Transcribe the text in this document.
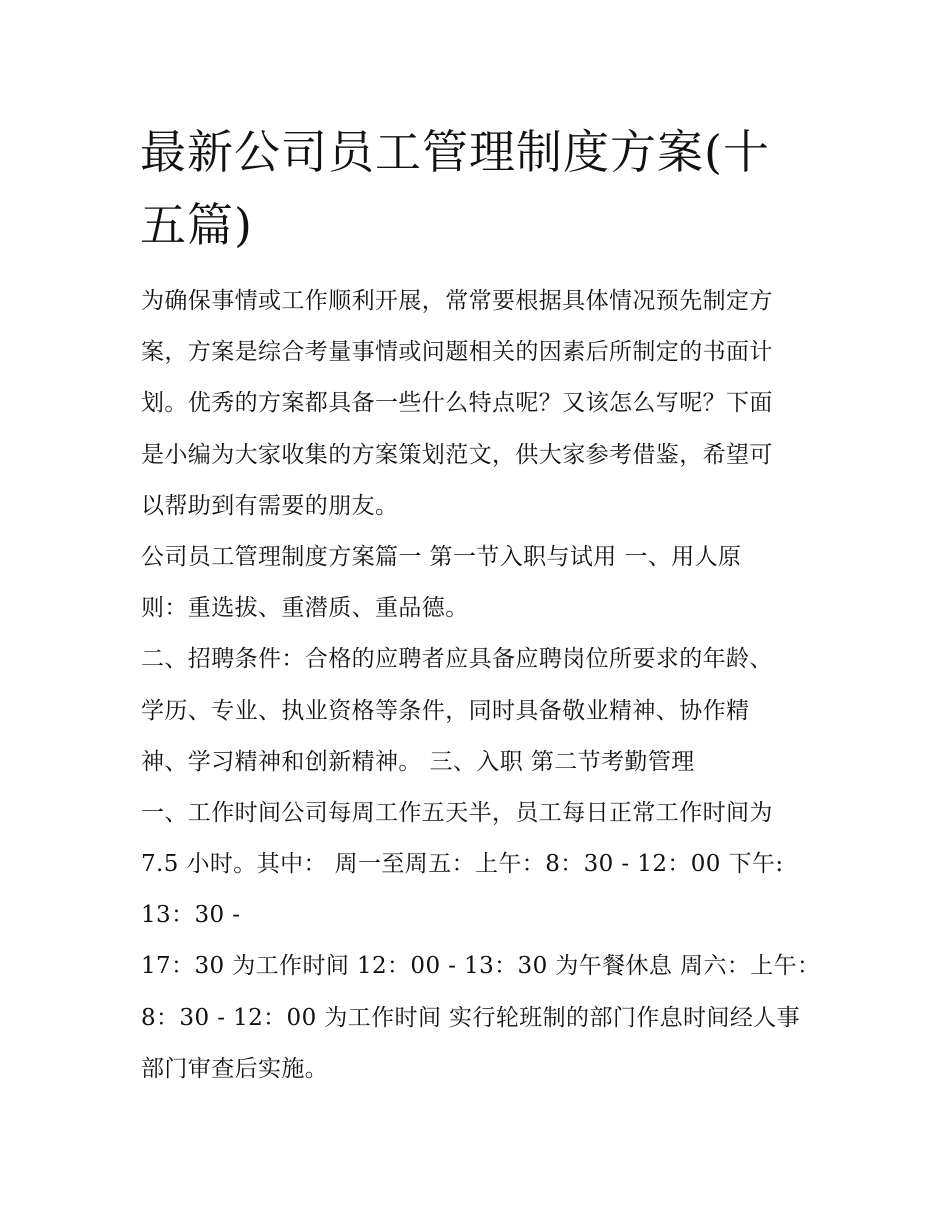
最新公司员工管理制度方案(十
五篇)
为确保事情或工作顺利开展，常常要根据具体情况预先制定方
案，方案是综合考量事情或问题相关的因素后所制定的书面计
划。优秀的方案都具备一些什么特点呢？又该怎么写呢？下面
是小编为大家收集的方案策划范文，供大家参考借鉴，希望可
以帮助到有需要的朋友。
公司员工管理制度方案篇一 第一节入职与试用 一、用人原
则：重选拔、重潜质、重品德。
二、招聘条件：合格的应聘者应具备应聘岗位所要求的年龄、
学历、专业、执业资格等条件，同时具备敬业精神、协作精
神、学习精神和创新精神。 三、入职 第二节考勤管理
一、工作时间公司每周工作五天半，员工每日正常工作时间为
7.5 小时。其中： 周一至周五：上午：8：30 - 12：00 下午:
13：30 -
17：30 为工作时间 12：00 - 13：30 为午餐休息 周六：上午：
8：30 - 12：00 为工作时间 实行轮班制的部门作息时间经人事
部门审查后实施。
